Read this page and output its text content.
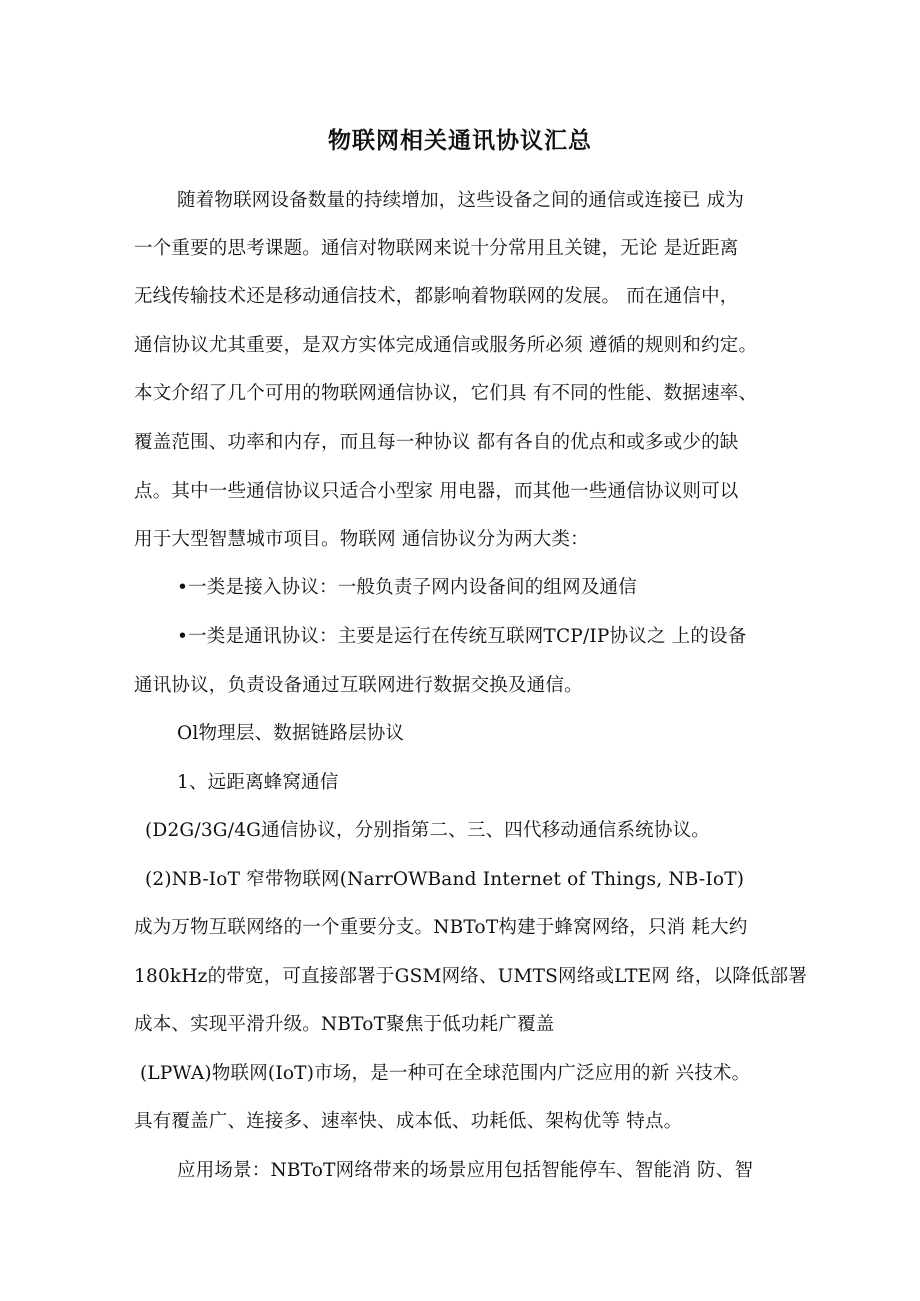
物联网相关通讯协议汇总
随着物联网设备数量的持续增加，这些设备之间的通信或连接已 成为
一个重要的思考课题。通信对物联网来说十分常用且关键，无论 是近距离
无线传输技术还是移动通信技术，都影响着物联网的发展。 而在通信中，
通信协议尤其重要，是双方实体完成通信或服务所必须 遵循的规则和约定。
本文介绍了几个可用的物联网通信协议，它们具 有不同的性能、数据速率、
覆盖范围、功率和内存，而且每一种协议 都有各自的优点和或多或少的缺
点。其中一些通信协议只适合小型家 用电器，而其他一些通信协议则可以
用于大型智慧城市项目。物联网 通信协议分为两大类：
•一类是接入协议：一般负责子网内设备间的组网及通信
•一类是通讯协议：主要是运行在传统互联网TCP/IP协议之 上的设备
通讯协议，负责设备通过互联网进行数据交换及通信。
Ol物理层、数据链路层协议
1、远距离蜂窝通信
(D2G/3G/4G通信协议，分别指第二、三、四代移动通信系统协议。
(2)NB-IoT 窄带物联网(NarrOWBand Internet of Things, NB-IoT)
成为万物互联网络的一个重要分支。NBToT构建于蜂窝网络，只消 耗大约
180kHz的带宽，可直接部署于GSM网络、UMTS网络或LTE网 络，以降低部署
成本、实现平滑升级。NBToT聚焦于低功耗广覆盖
(LPWA)物联网(IoT)市场，是一种可在全球范围内广泛应用的新 兴技术。
具有覆盖广、连接多、速率快、成本低、功耗低、架构优等 特点。
应用场景：NBToT网络带来的场景应用包括智能停车、智能消 防、智
